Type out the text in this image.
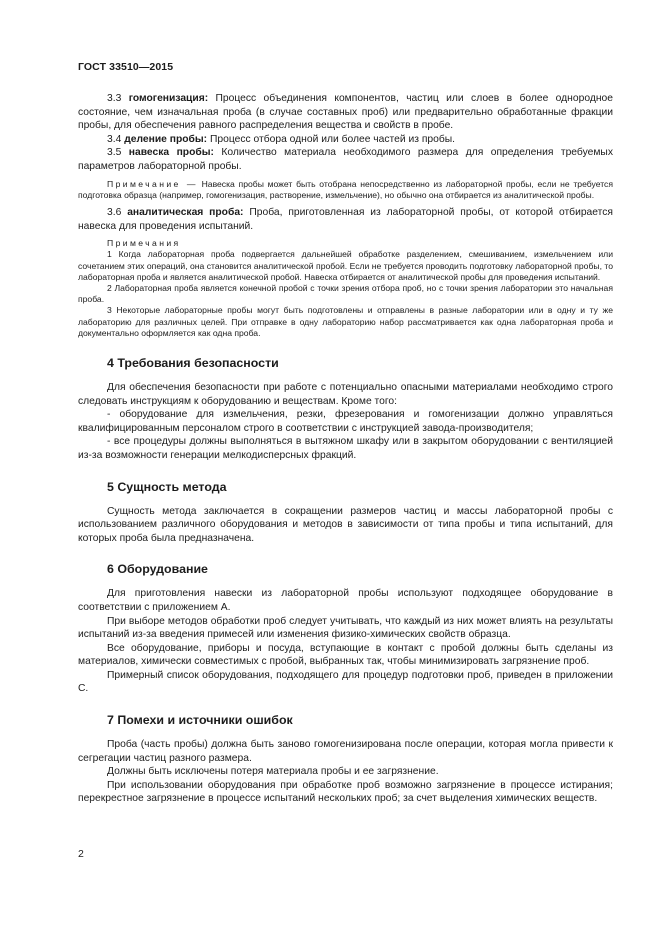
ГОСТ 33510—2015

3.3 гомогенизация: Процесс объединения компонентов, частиц или слоев в более однородное состояние, чем изначальная проба (в случае составных проб) или предварительно обработанные фракции пробы, для обеспечения равного распределения вещества и свойств в пробе.

3.4 деление пробы: Процесс отбора одной или более частей из пробы.

3.5 навеска пробы: Количество материала необходимого размера для определения требуемых параметров лабораторной пробы.

Примечание — Навеска пробы может быть отобрана непосредственно из лабораторной пробы, если не требуется подготовка образца (например, гомогенизация, растворение, измельчение), но обычно она отбирается из аналитической пробы.

3.6 аналитическая проба: Проба, приготовленная из лабораторной пробы, от которой отбирается навеска для проведения испытаний.

Примечания

1 Когда лабораторная проба подвергается дальнейшей обработке разделением, смешиванием, измельчением или сочетанием этих операций, она становится аналитической пробой. Если не требуется проводить подготовку лабораторной пробы, то лабораторная проба и является аналитической пробой. Навеска отбирается от аналитической пробы для проведения испытаний.

2 Лабораторная проба является конечной пробой с точки зрения отбора проб, но с точки зрения лаборатории это начальная проба.

3 Некоторые лабораторные пробы могут быть подготовлены и отправлены в разные лаборатории или в одну и ту же лабораторию для различных целей. При отправке в одну лабораторию набор рассматривается как одна лабораторная проба и документально оформляется как одна проба.

4 Требования безопасности

Для обеспечения безопасности при работе с потенциально опасными материалами необходимо строго следовать инструкциям к оборудованию и веществам. Кроме того:

- оборудование для измельчения, резки, фрезерования и гомогенизации должно управляться квалифицированным персоналом строго в соответствии с инструкцией завода-производителя;

- все процедуры должны выполняться в вытяжном шкафу или в закрытом оборудовании с вентиляцией из-за возможности генерации мелкодисперсных фракций.

5 Сущность метода

Сущность метода заключается в сокращении размеров частиц и массы лабораторной пробы с использованием различного оборудования и методов в зависимости от типа пробы и типа испытаний, для которых проба была предназначена.

6 Оборудование

Для приготовления навески из лабораторной пробы используют подходящее оборудование в соответствии с приложением А.

При выборе методов обработки проб следует учитывать, что каждый из них может влиять на результаты испытаний из-за введения примесей или изменения физико-химических свойств образца.

Все оборудование, приборы и посуда, вступающие в контакт с пробой должны быть сделаны из материалов, химически совместимых с пробой, выбранных так, чтобы минимизировать загрязнение проб.

Примерный список оборудования, подходящего для процедур подготовки проб, приведен в приложении С.

7 Помехи и источники ошибок

Проба (часть пробы) должна быть заново гомогенизирована после операции, которая могла привести к сегрегации частиц разного размера.

Должны быть исключены потеря материала пробы и ее загрязнение.

При использовании оборудования при обработке проб возможно загрязнение в процессе истирания; перекрестное загрязнение в процессе испытаний нескольких проб; за счет выделения химических веществ.

2
